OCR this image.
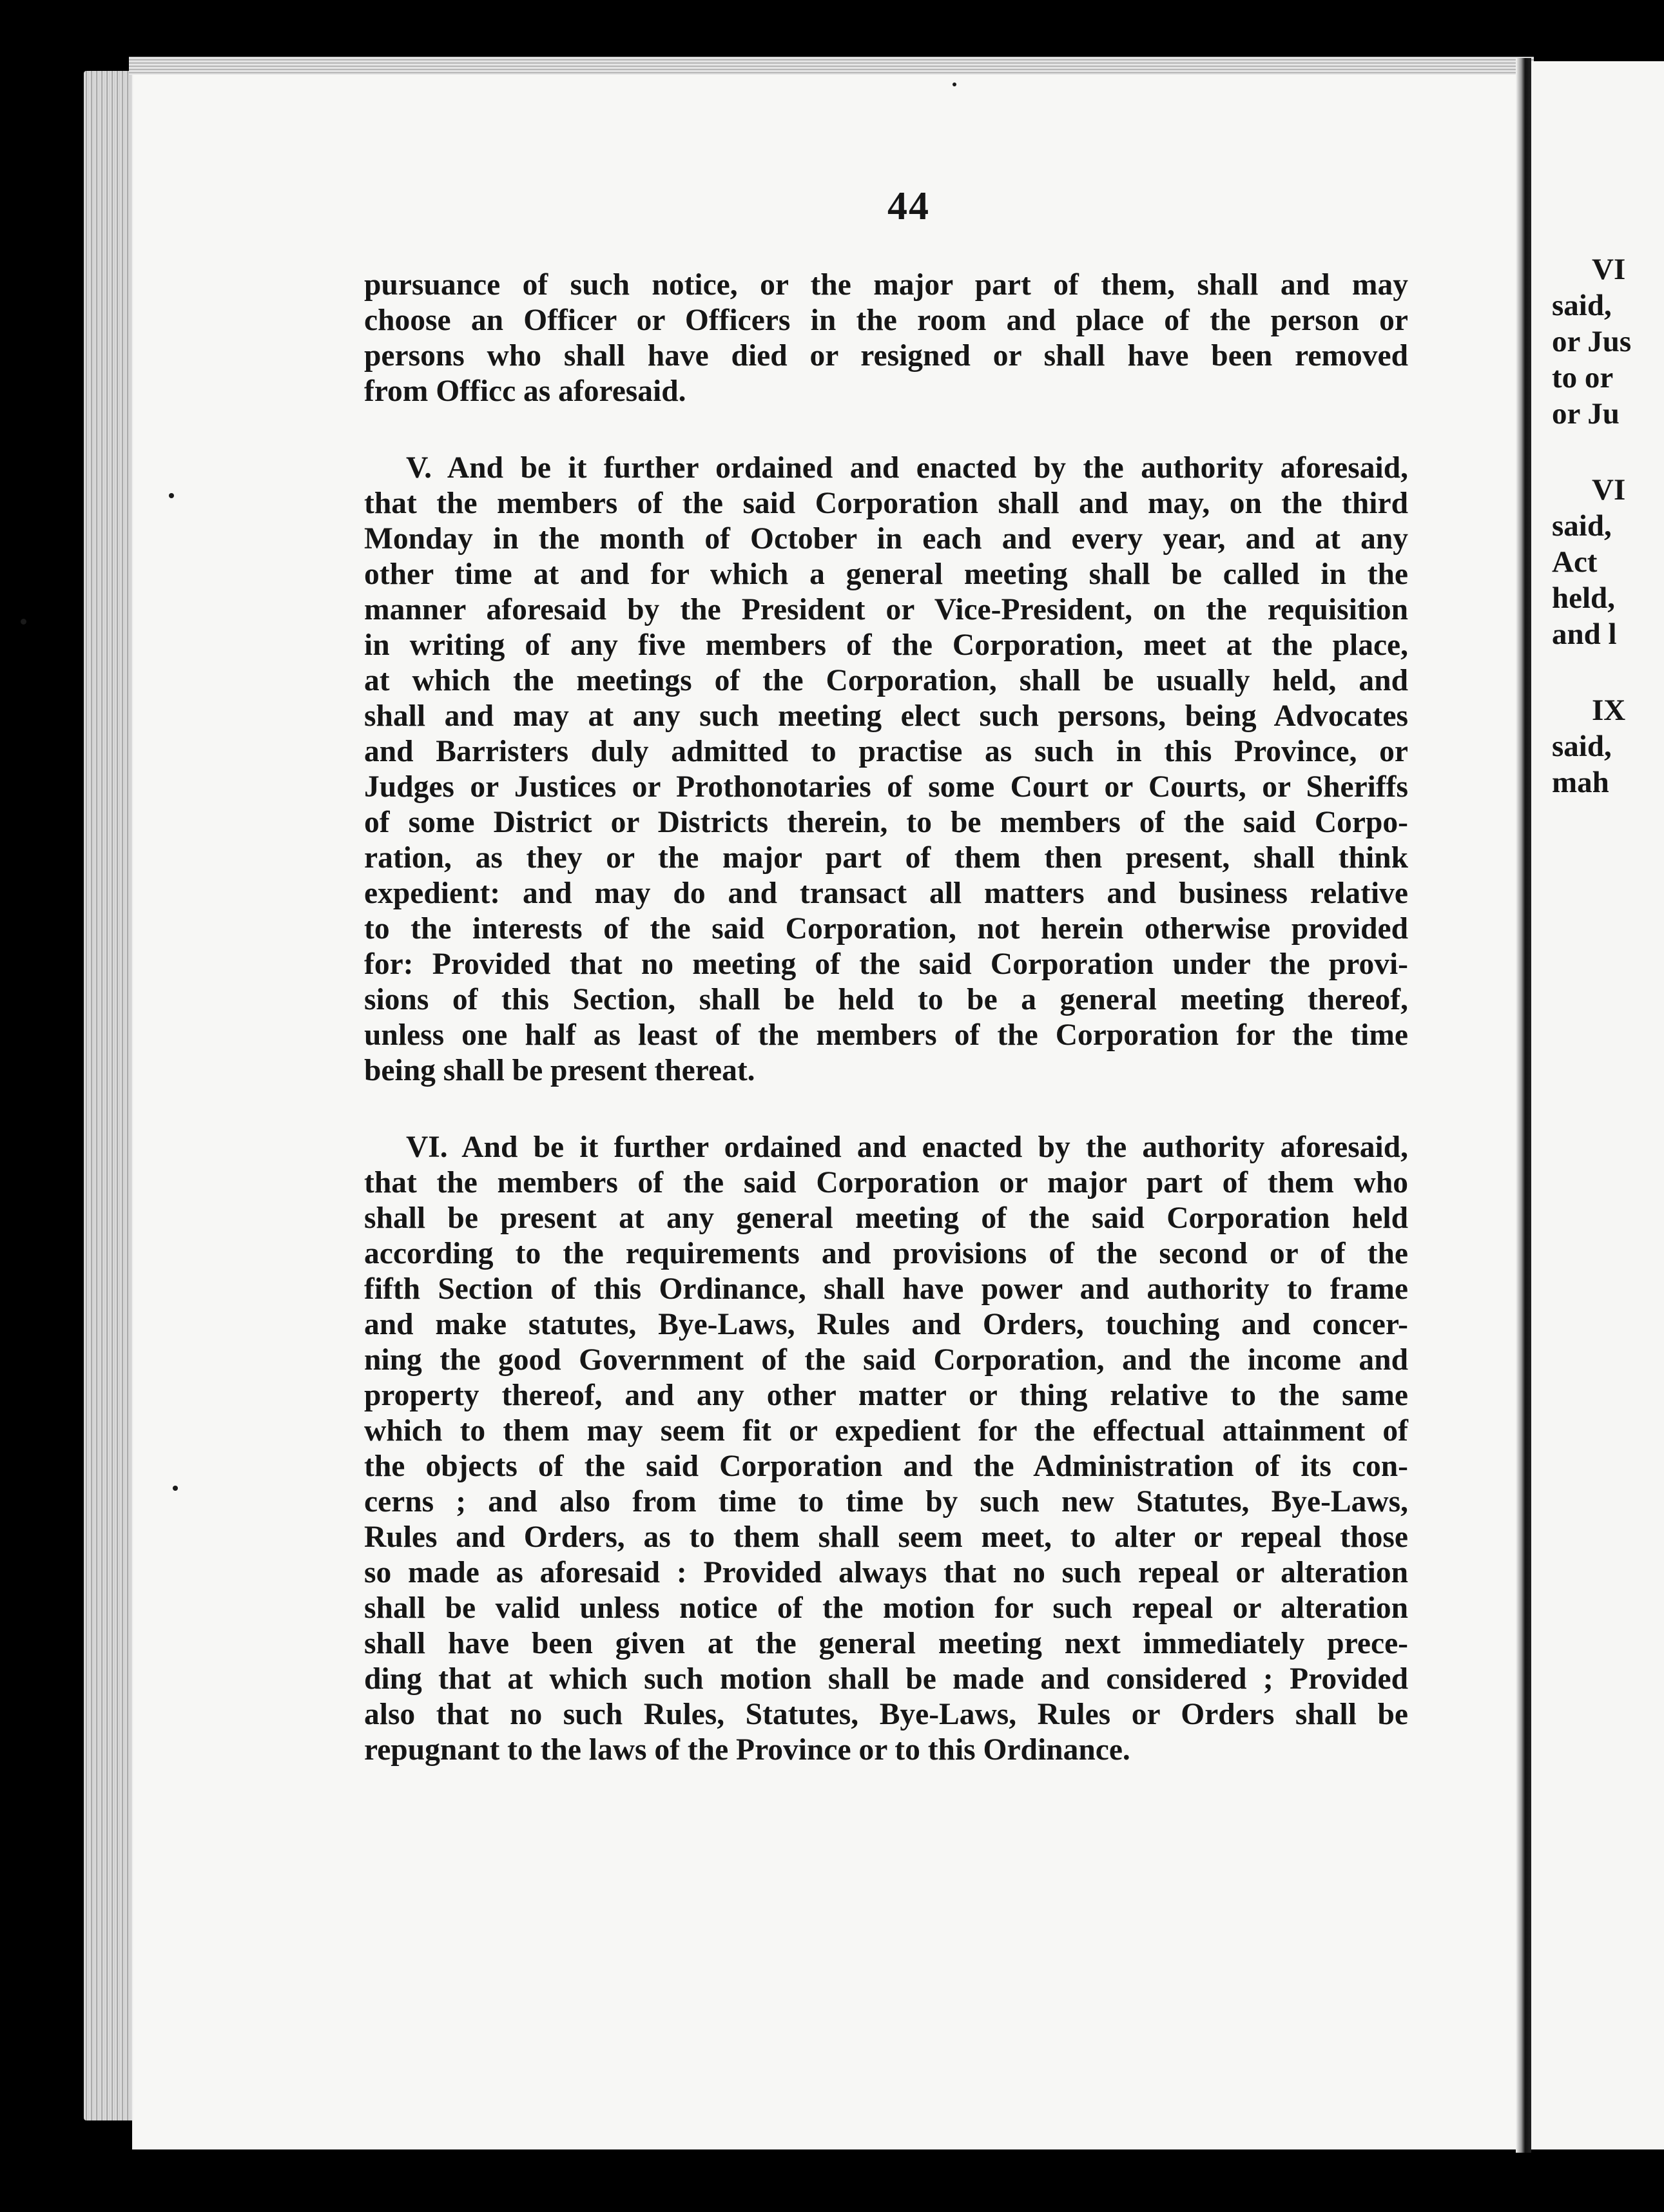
44
pursuance of such notice, or the major part of them, shall and may
choose an Officer or Officers in the room and place of the person or
persons who shall have died or resigned or shall have been removed
from Officc as aforesaid.
V. And be it further ordained and enacted by the authority aforesaid,
that the members of the said Corporation shall and may, on the third
Monday in the month of October in each and every year, and at any
other time at and for which a general meeting shall be called in the
manner aforesaid by the President or Vice-President, on the requisition
in writing of any five members of the Corporation, meet at the place,
at which the meetings of the Corporation, shall be usually held, and
shall and may at any such meeting elect such persons, being Advocates
and Barristers duly admitted to practise as such in this Province, or
Judges or Justices or Prothonotaries of some Court or Courts, or Sheriffs
of some District or Districts therein, to be members of the said Corpo-
ration, as they or the major part of them then present, shall think
expedient: and may do and transact all matters and business relative
to the interests of the said Corporation, not herein otherwise provided
for: Provided that no meeting of the said Corporation under the provi-
sions of this Section, shall be held to be a general meeting thereof,
unless one half as least of the members of the Corporation for the time
being shall be present thereat.
VI. And be it further ordained and enacted by the authority aforesaid,
that the members of the said Corporation or major part of them who
shall be present at any general meeting of the said Corporation held
according to the requirements and provisions of the second or of the
fifth Section of this Ordinance, shall have power and authority to frame
and make statutes, Bye-Laws, Rules and Orders, touching and concer-
ning the good Government of the said Corporation, and the income and
property thereof, and any other matter or thing relative to the same
which to them may seem fit or expedient for the effectual attainment of
the objects of the said Corporation and the Administration of its con-
cerns ; and also from time to time by such new Statutes, Bye-Laws,
Rules and Orders, as to them shall seem meet, to alter or repeal those
so made as aforesaid : Provided always that no such repeal or alteration
shall be valid unless notice of the motion for such repeal or alteration
shall have been given at the general meeting next immediately prece-
ding that at which such motion shall be made and considered ; Provided
also that no such Rules, Statutes, Bye-Laws, Rules or Orders shall be
repugnant to the laws of the Province or to this Ordinance.
VI
said,
or Jus
to or
or Ju
VI
said,
Act
held,
and l
IX
said,
mah
